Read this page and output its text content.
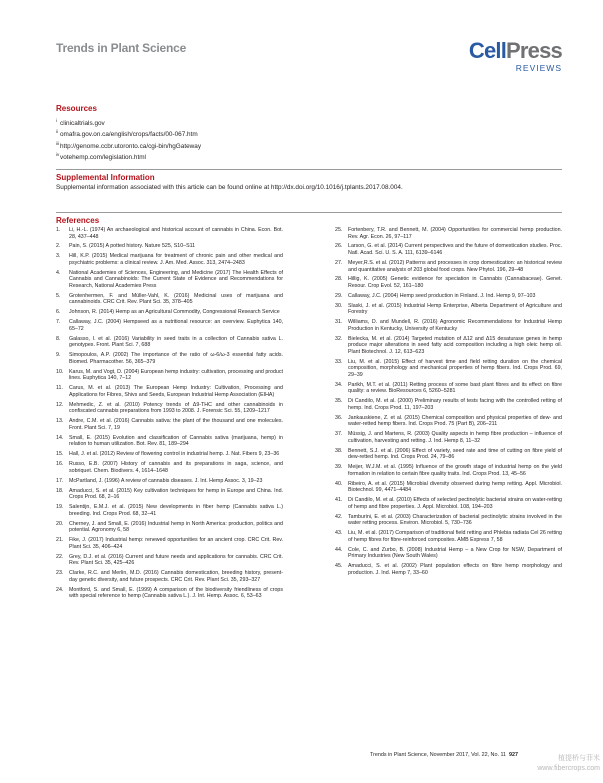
Trends in Plant Science	CellPress
REVIEWS
Resources
i clinicaltrials.gov
ii omafra.gov.on.ca/english/crops/facts/00-067.htm
iii http://genome.ccbr.utoronto.ca/cgi-bin/hgGateway
iv votehemp.com/legislation.html
Supplemental Information
Supplemental information associated with this article can be found online at http://dx.doi.org/10.1016/j.tplants.2017.08.004.
References
1.	Li, H.-L. (1974) An archaeological and historical account of cannabis in China. Econ. Bot. 28, 437–448
2.	Pain, S. (2015) A potted history. Nature 525, S10–S11
3.	Hill, K.P. (2015) Medical marijuana for treatment of chronic pain and other medical and psychiatric problems: a clinical review. J. Am. Med. Assoc. 313, 2474–2483
4.	National Academies of Sciences, Engineering, and Medicine (2017) The Health Effects of Cannabis and Cannabinoids: The Current State of Evidence and Recommendations for Research, National Academies Press
5.	Grotenhermen, F. and Müller-Vahl, K. (2016) Medicinal uses of marijuana and cannabinoids. CRC Crit. Rev. Plant Sci. 35, 378–405
6.	Johnson, R. (2014) Hemp as an Agricultural Commodity, Congressional Research Service
7.	Callaway, J.C. (2004) Hempseed as a nutritional resource: an overview. Euphytica 140, 65–72
8.	Galasso, I. et al. (2016) Variability in seed traits in a collection of Cannabis sativa L. genotypes. Front. Plant Sci. 7, 688
9.	Simopoulos, A.P. (2002) The importance of the ratio of ω-6/ω-3 essential fatty acids. Biomed. Pharmacother. 56, 365–379
10.	Karus, M. and Vogt, D. (2004) European hemp industry: cultivation, processing and product lines. Euphytica 140, 7–12
11.	Carus, M. et al. (2013) The European Hemp Industry: Cultivation, Processing and Applications for Fibres, Shivs and Seeds, European Industrial Hemp Association (EIHA)
12.	Mehmedic, Z. et al. (2010) Potency trends of Δ9-THC and other cannabinoids in confiscated cannabis preparations from 1993 to 2008. J. Forensic Sci. 55, 1209–1217
13.	Andre, C.M. et al. (2016) Cannabis sativa: the plant of the thousand and one molecules. Front. Plant Sci. 7, 19
14.	Small, E. (2015) Evolution and classification of Cannabis sativa (marijuana, hemp) in relation to human utilization. Bot. Rev. 81, 189–294
15.	Hall, J. et al. (2012) Review of flowering control in industrial hemp. J. Nat. Fibers 9, 23–36
16.	Russo, E.B. (2007) History of cannabis and its preparations in saga, science, and sobriquet. Chem. Biodivers. 4, 1614–1648
17.	McPartland, J. (1996) A review of cannabis diseases. J. Int. Hemp Assoc. 3, 19–23
18.	Amaducci, S. et al. (2015) Key cultivation techniques for hemp in Europe and China. Ind. Crops Prod. 68, 2–16
19.	Salentijn, E.M.J. et al. (2015) New developments in fiber hemp (Cannabis sativa L.) breeding. Ind. Crops Prod. 68, 32–41
20.	Cherney, J. and Small, E. (2016) Industrial hemp in North America: production, politics and potential. Agronomy 6, 58
21.	Fike, J. (2017) Industrial hemp: renewed opportunities for an ancient crop. CRC Crit. Rev. Plant Sci. 35, 406–424
22.	Grey, D.J. et al. (2016) Current and future needs and applications for cannabis. CRC Crit. Rev. Plant Sci. 35, 425–426
23.	Clarke, R.C. and Merlin, M.D. (2016) Cannabis domestication, breeding history, present-day genetic diversity, and future prospects. CRC Crit. Rev. Plant Sci. 35, 293–327
24.	Montford, S. and Small, E. (1999) A comparison of the biodiversity friendliness of crops with special reference to hemp (Cannabis sativa L.). J. Int. Hemp. Assoc. 6, 53–63
25.	Fortenbery, T.R. and Bennett, M. (2004) Opportunities for commercial hemp production. Rev. Agr. Econ. 26, 97–117
26.	Larson, G. et al. (2014) Current perspectives and the future of domestication studies. Proc. Natl. Acad. Sci. U. S. A. 111, 6139–6146
27.	Meyer,R.S. et al. (2012) Patterns and processes in crop domestication: an historical review and quantitative analysis of 203 global food crops. New Phytol. 196, 29–48
28.	Hillig, K. (2005) Genetic evidence for speciation in Cannabis (Cannabaceae). Genet. Resour. Crop Evol. 52, 161–180
29.	Callaway, J.C. (2004) Hemp seed production in Finland. J. Ind. Hemp 9, 97–103
30.	Slaski, J. et al. (2015) Industrial Hemp Enterprise, Alberta Department of Agriculture and Forestry
31.	Williams, D. and Mundell, R. (2016) Agronomic Recommendations for Industrial Hemp Production in Kentucky, University of Kentucky
32.	Bielecka, M. et al. (2014) Targeted mutation of Δ12 and Δ15 desaturase genes in hemp produce major alterations in seed fatty acid composition including a high oleic hemp oil. Plant Biotechnol. J. 12, 613–623
33.	Liu, M. et al. (2015) Effect of harvest time and field retting duration on the chemical composition, morphology and mechanical properties of hemp fibers. Ind. Crops Prod. 69, 29–39
34.	Parikh, M.T. et al. (2011) Retting process of some bast plant fibres and its effect on fibre quality: a review. BioResources 6, 5260–5281
35.	Di Candilo, M. et al. (2000) Preliminary results of tests facing with the controlled retting of hemp. Ind. Crops Prod. 11, 197–203
36.	Jankauskiene, Z. et al. (2015) Chemical composition and physical properties of dew- and water-retted hemp fibers. Ind. Crops Prod. 75 (Part B), 206–211
37.	Müssig, J. and Martens, R. (2003) Quality aspects in hemp fibre production – influence of cultivation, harvesting and retting. J. Ind. Hemp 8, 11–32
38.	Bennett, S.J. et al. (2006) Effect of variety, seed rate and time of cutting on fibre yield of dew-retted hemp. Ind. Crops Prod. 24, 79–86
39.	Meijer, W.J.M. et al. (1995) Influence of the growth stage of industrial hemp on the yield formation in relation to certain fibre quality traits. Ind. Crops Prod. 13, 45–56
40.	Ribeiro, A. et al. (2015) Microbial diversity observed during hemp retting. Appl. Microbiol. Biotechnol. 99, 4471–4484
41.	Di Candilo, M. et al. (2010) Effects of selected pectinolytic bacterial strains on water-retting of hemp and fibre properties. J. Appl. Microbiol. 108, 194–203
42.	Tamburini, E. et al. (2003) Characterization of bacterial pectinolytic strains involved in the water retting process. Environ. Microbiol. 5, 730–736
43.	Liu, M. et al. (2017) Comparison of traditional field retting and Phlebia radiata Cel 26 retting of hemp fibres for fibre-reinforced composites. AMB Express 7, 58
44.	Cole, C. and Zurbo, B. (2008) Industrial Hemp – a New Crop for NSW, Department of Primary Industries (New South Wales)
45.	Amaducci, S. et al. (2002) Plant population effects on fibre hemp morphology and production. J. Ind. Hemp 7, 33–60
Trends in Plant Science, November 2017, Vol. 22, No. 11 927	植提桥与菲米
www.fibercrops.com
